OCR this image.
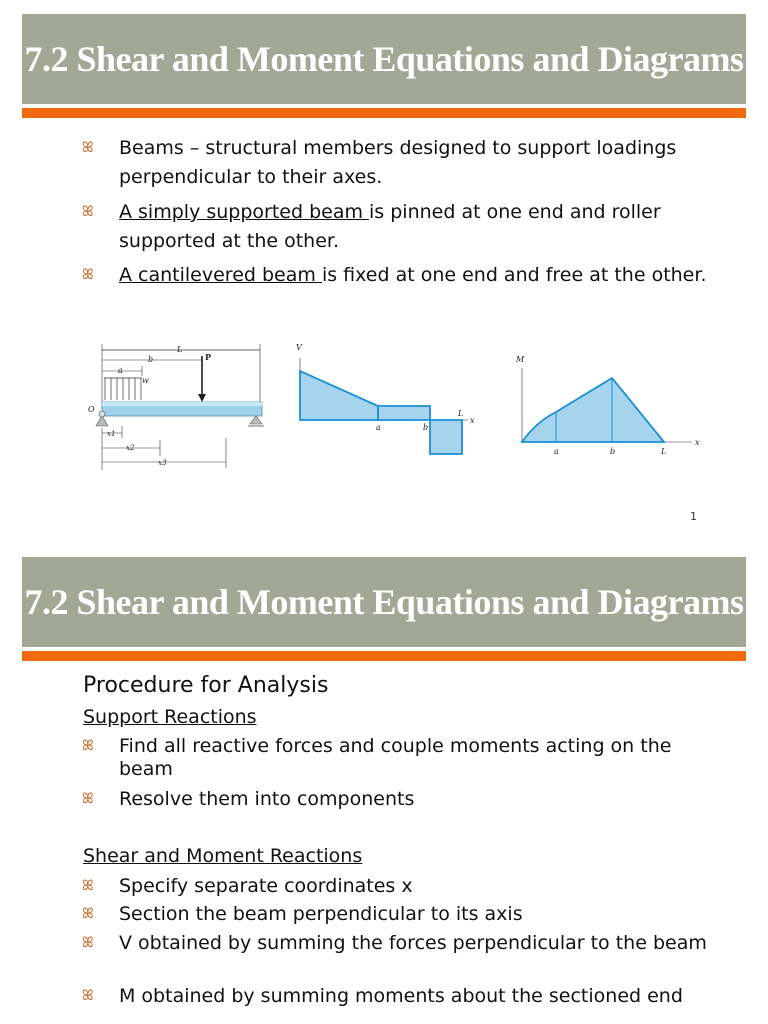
7.2 Shear and Moment Equations and Diagrams
ꕤ	Beams – structural members designed to support loadings perpendicular to their axes.
ꕤ	A simply supported beam is pinned at one end and roller supported at the other.
ꕤ	A cantilevered beam is fixed at one end and free at the other.
L
b
a
w
P
O
x1
x2
x3
V
a	b
L
x
M
a	b	L
x
1
7.2 Shear and Moment Equations and Diagrams
Procedure for Analysis
Support Reactions
ꕤ	Find all reactive forces and couple moments acting on the beam
ꕤ	Resolve them into components
Shear and Moment Reactions
ꕤ	Specify separate coordinates x
ꕤ	Section the beam perpendicular to its axis
ꕤ	V obtained by summing the forces perpendicular to the beam
ꕤ	M obtained by summing moments about the sectioned end
